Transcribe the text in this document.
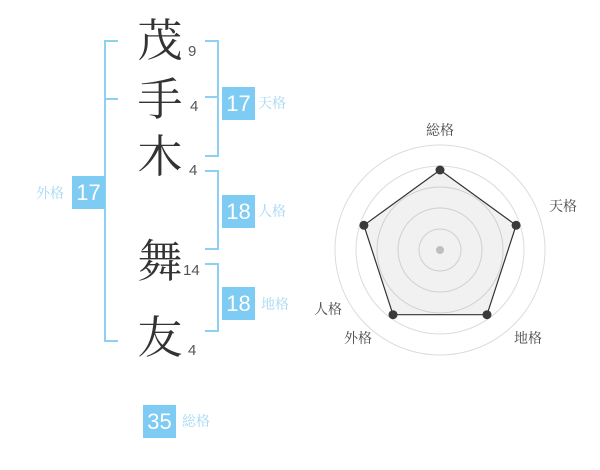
茂
手
木
舞
友
9
4
4
14
4
17 天格
18 人格
18 地格
外格 17
35 総格
総格
天格
地格
外格
人格
